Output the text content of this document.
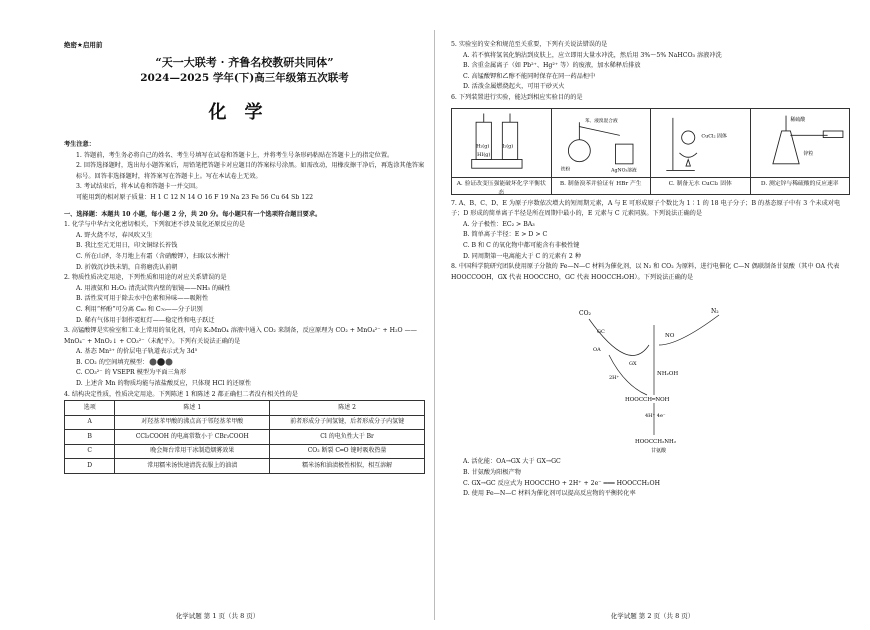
绝密★启用前
“天一大联考 · 齐鲁名校教研共同体”
2024—2025 学年(下)高三年级第五次联考
化学
考生注意：

1. 答题前，考生务必将自己的姓名、考生号填写在试卷和答题卡上，并将考生号条形码粘贴在答题卡上的指定位置。

2. 回答选择题时，选出每小题答案后，用铅笔把答题卡对应题目的答案标号涂黑。如需改动，用橡皮擦干净后，再选涂其他答案标号。回答非选择题时，将答案写在答题卡上。写在本试卷上无效。

3. 考试结束后，将本试卷和答题卡一并交回。

可能用到的相对原子质量：H 1 C 12 N 14 O 16 F 19 Na 23 Fe 56 Cu 64 Sb 122

一、选择题：本题共 10 小题，每小题 2 分，共 20 分。每小题只有一个选项符合题目要求。

1. 化学与中华古文化密切相关，下列叙述不涉及氧化还原反应的是

A. 野火烧不尽，春风吹又生

B. 我比至元无用日，印文铜绿长苔钱

C. 所在山泽，冬月地上有霜（含硝酸钾），扫取以水淋汁

D. 折戟沉沙铁未销，自将磨洗认前朝

2. 物质性质决定用途，下列性质和用途的对应关系错误的是

A. 用液氨和 H₂O₂ 清洗试管内壁的银镜——NH₃ 的碱性

B. 活性炭可用于除去水中色素和异味——吸附性

C. 利用“杯酚”可分离 C₆₀ 和 C₇₀——分子识别

D. 稀有气体用于制作霓虹灯——稳定性和电子跃迁

3. 高锰酸钾是实验室和工业上常用的氧化剂，可向 K₂MnO₄ 溶液中通入 CO₂ 来制备，反应原理为 CO₂ + MnO₄²⁻ + H₂O ——MnO₄⁻ + MnO₂↓ + CO₃²⁻（未配平）。下列有关说法正确的是

A. 基态 Mn²⁺ 的价层电子轨道表示式为 3d⁵

B. CO₂ 的空间填充模型：

C. CO₃²⁻ 的 VSEPR 模型为平面三角形

D. 上述含 Mn 的物质均能与浓盐酸反应，只体现 HCl 的还原性

4. 结构决定性质，性质决定用途。下列陈述 1 和陈述 2 都正确但二者没有相关性的是

选项	陈述 1	陈述 2
A	对羟基苯甲酸的沸点高于邻羟基苯甲酸	前者形成分子间氢键，后者形成分子内氢键
B	CCl₃COOH 的电离常数小于 CBr₃COOH	Cl 的电负性大于 Br
C	晚会舞台常用干冰制造烟雾效果	CO₂ 断裂 C═O 键时吸收热量
D	常用糯米汤快速清洗衣服上的油渍	糯米汤和油渍极性相似，相互溶解
化学试题 第 1 页（共 8 页）

5. 实验室的安全和规范至关重要，下列有关说法错误的是

A. 若不慎将氢氧化钠沾到皮肤上，应立即用大量水冲洗，然后用 3%～5% NaHCO₃ 溶液冲洗

B. 含重金属离子（如 Pb²⁺、Hg²⁺ 等）的废液，加水稀释后排放

C. 高锰酸钾和乙醇不能同时保存在同一药品柜中

D. 活泼金属燃烧起火，可用干砂灭火

6. 下列装置进行实验，能达到相应实验目的的是

H₂(g)	I₂(g)
HI(g)
A. 验证改变压强能破坏化学平衡状态
苯、液溴混合液
铁粉	AgNO₃溶液
B. 制备溴苯并验证有 HBr 产生
CuCl₂ 固体
C. 制备无水 CuCl₂ 固体
稀硫酸
锌粒
D. 测定锌与稀硫酸的反应速率

7. A、B、C、D、E 为原子序数依次增大的短周期元素，A 与 E 可形成原子个数比为 1∶1 的 18 电子分子；B 的基态原子中有 3 个未成对电子；D 形成的简单离子半径是所在周期中最小的，E 元素与 C 元素同族。下列说法正确的是

A. 分子极性：EC₂ > BA₃

B. 简单离子半径：E > D > C

C. B 和 C 的氧化物中都可能含有非极性键

D. 同周期第一电离能大于 C 的元素有 2 种

8. 中国科学院研究团队使用原子分散的 Fe—N—C 材料为催化剂，以 N₂ 和 CO₂ 为原料，进行电催化 C—N 偶联制备甘氨酸（其中 OA 代表 HOOCCOOH，GX 代表 HOOCCHO，GC 代表 HOOCCH₂OH）。下列说法正确的是

CO₂	N₂
GC
OA
NO
NH₂OH
HOOCCH═NOH
4H⁺ 4e⁻
HOOCCH₂NH₂
甘氨酸
2H⁺
GX

A. 活化能：OA→GX 大于 GX→GC

B. 甘氨酸为阳极产物

C. GX→GC 反应式为 HOOCCHO + 2H⁺ + 2e⁻ ═══ HOOCCH₂OH

D. 使用 Fe—N—C 材料为催化剂可以提高反应物的平衡转化率

化学试题 第 2 页（共 8 页）
